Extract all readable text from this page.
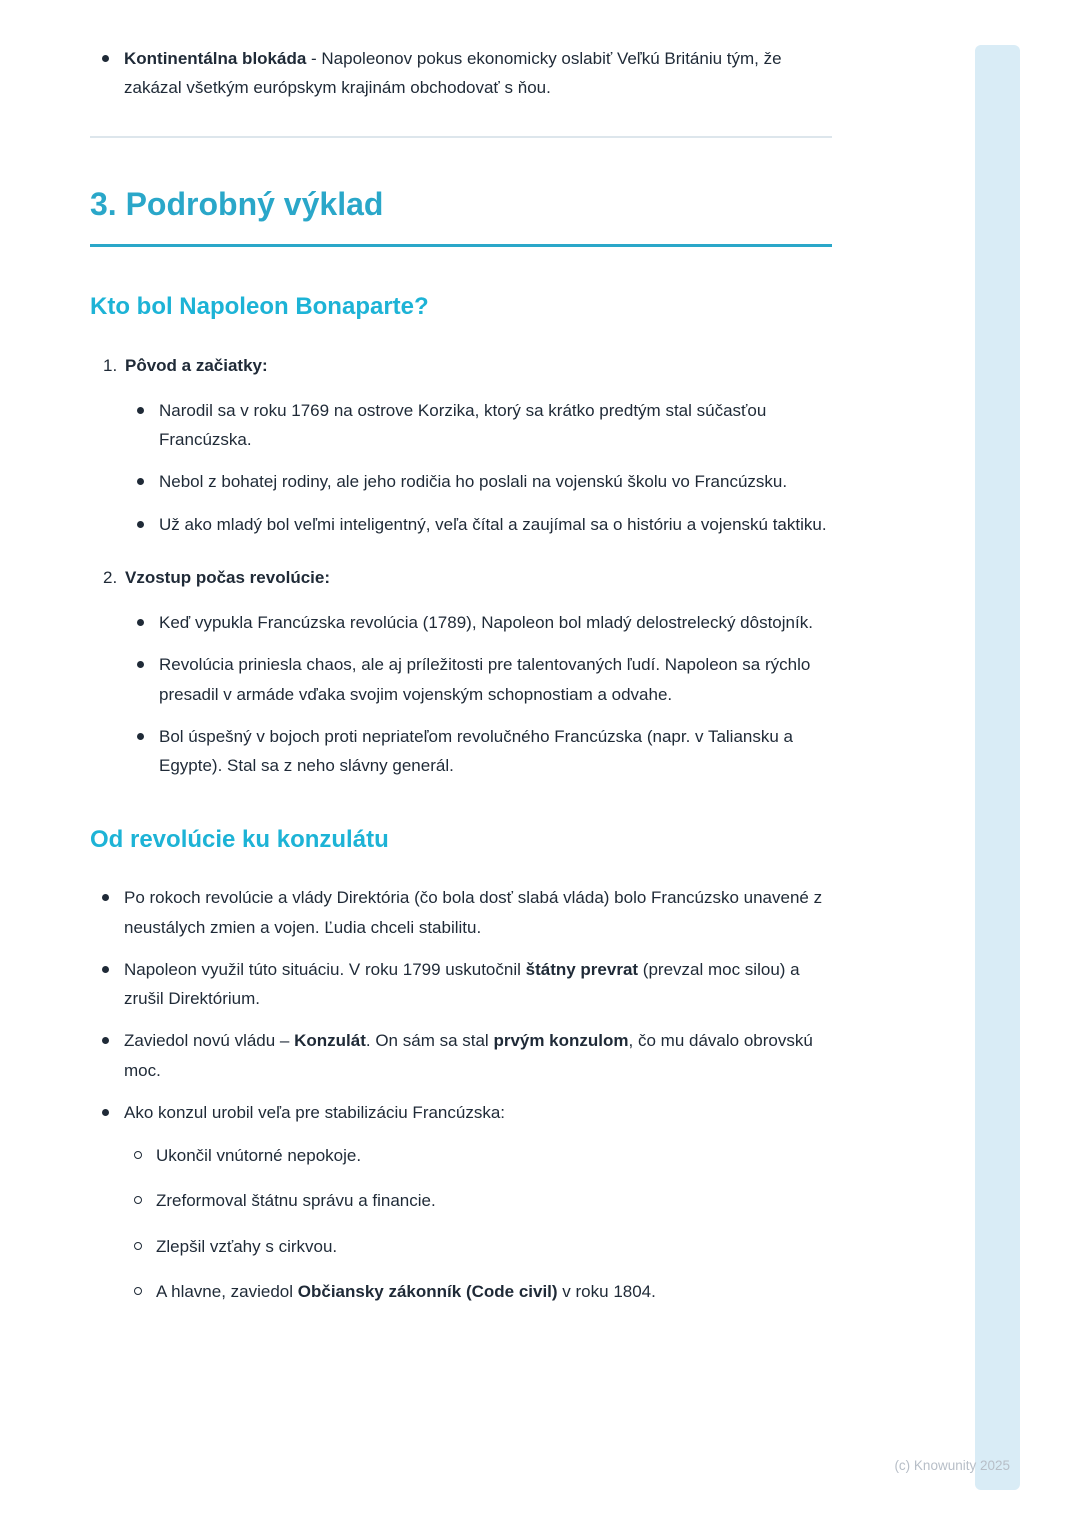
Kontinentálna blokáda - Napoleonov pokus ekonomicky oslabiť Veľkú Britániu tým, že zakázal všetkým európskym krajinám obchodovať s ňou.
3. Podrobný výklad
Kto bol Napoleon Bonaparte?
Pôvod a začiatky:
Narodil sa v roku 1769 na ostrove Korzika, ktorý sa krátko predtým stal súčasťou Francúzska.
Nebol z bohatej rodiny, ale jeho rodičia ho poslali na vojenskú školu vo Francúzsku.
Už ako mladý bol veľmi inteligentný, veľa čítal a zaujímal sa o históriu a vojenskú taktiku.
Vzostup počas revolúcie:
Keď vypukla Francúzska revolúcia (1789), Napoleon bol mladý delostrelecký dôstojník.
Revolúcia priniesla chaos, ale aj príležitosti pre talentovaných ľudí. Napoleon sa rýchlo presadil v armáde vďaka svojim vojenským schopnostiam a odvahe.
Bol úspešný v bojoch proti nepriateľom revolučného Francúzska (napr. v Taliansku a Egypte). Stal sa z neho slávny generál.
Od revolúcie ku konzulátu
Po rokoch revolúcie a vlády Direktória (čo bola dosť slabá vláda) bolo Francúzsko unavené z neustálych zmien a vojen. Ľudia chceli stabilitu.
Napoleon využil túto situáciu. V roku 1799 uskutočnil štátny prevrat (prevzal moc silou) a zrušil Direktórium.
Zaviedol novú vládu – Konzulát. On sám sa stal prvým konzulom, čo mu dávalo obrovskú moc.
Ako konzul urobil veľa pre stabilizáciu Francúzska:
Ukončil vnútorné nepokoje.
Zreformoval štátnu správu a financie.
Zlepšil vzťahy s cirkvou.
A hlavne, zaviedol Občiansky zákonník (Code civil) v roku 1804.
(c) Knowunity 2025
